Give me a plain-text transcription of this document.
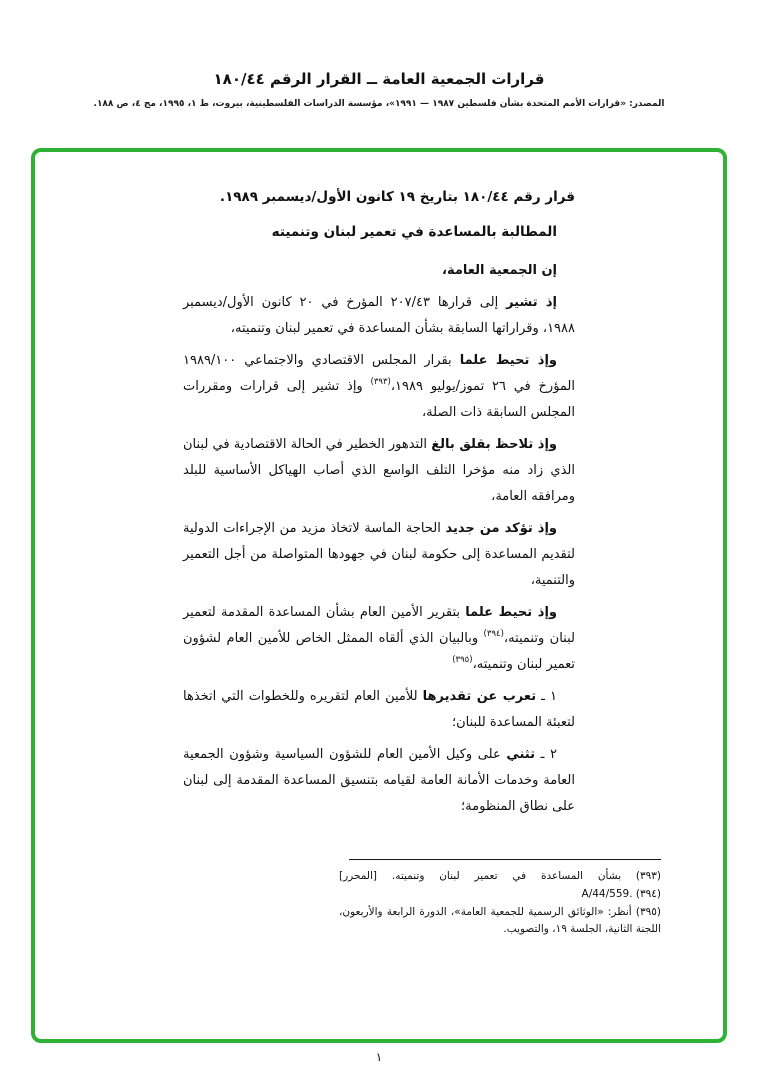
قرارات الجمعية العامة ــ القرار الرقم ١٨٠/٤٤
المصدر: «قرارات الأمم المتحدة بشأن فلسطين ١٩٨٧ — ١٩٩١»، مؤسسة الدراسات الفلسطينية، بيروت، ط ١، ١٩٩٥، مج ٤، ص ١٨٨.

قرار رقم ١٨٠/٤٤ بتاريخ ١٩ كانون الأول/ديسمبر ١٩٨٩.

المطالبة بالمساعدة في تعمير لبنان وتنميته

إن الجمعية العامة،

إذ تشير إلى قرارها ٢٠٧/٤٣ المؤرخ في ٢٠ كانون الأول/ديسمبر ١٩٨٨، وقراراتها السابقة بشأن المساعدة في تعمير لبنان وتنميته،

وإذ تحيط علما بقرار المجلس الاقتصادي والاجتماعي ١٩٨٩/١٠٠ المؤرخ في ٢٦ تموز/يوليو ١٩٨٩،$^{(٣٩٣)}$ وإذ تشير إلى قرارات ومقررات المجلس السابقة ذات الصلة،

وإذ تلاحظ بقلق بالغ التدهور الخطير في الحالة الاقتصادية في لبنان الذي زاد منه مؤخرا التلف الواسع الذي أصاب الهياكل الأساسية للبلد ومرافقه العامة،

وإذ تؤكد من جديد الحاجة الماسة لاتخاذ مزيد من الإجراءات الدولية لتقديم المساعدة إلى حكومة لبنان في جهودها المتواصلة من أجل التعمير والتنمية،

وإذ تحيط علما بتقرير الأمين العام بشأن المساعدة المقدمة لتعمير لبنان وتنميته،$^{(٣٩٤)}$ وبالبيان الذي ألقاه الممثل الخاص للأمين العام لشؤون تعمير لبنان وتنميته،$^{(٣٩٥)}$

١ ـ تعرب عن تقديرها للأمين العام لتقريره وللخطوات التي اتخذها لتعبئة المساعدة للبنان؛

٢ ـ تثني على وكيل الأمين العام للشؤون السياسية وشؤون الجمعية العامة وخدمات الأمانة العامة لقيامه بتنسيق المساعدة المقدمة إلى لبنان على نطاق المنظومة؛

(٣٩٣) بشأن المساعدة في تعمير لبنان وتنميته. [المحرر]

(٣٩٤) A/44/559.‎

(٣٩٥) أنظر: «الوثائق الرسمية للجمعية العامة»، الدورة الرابعة والأربعون، اللجنة الثانية، الجلسة ١٩، والتصويب.

١
